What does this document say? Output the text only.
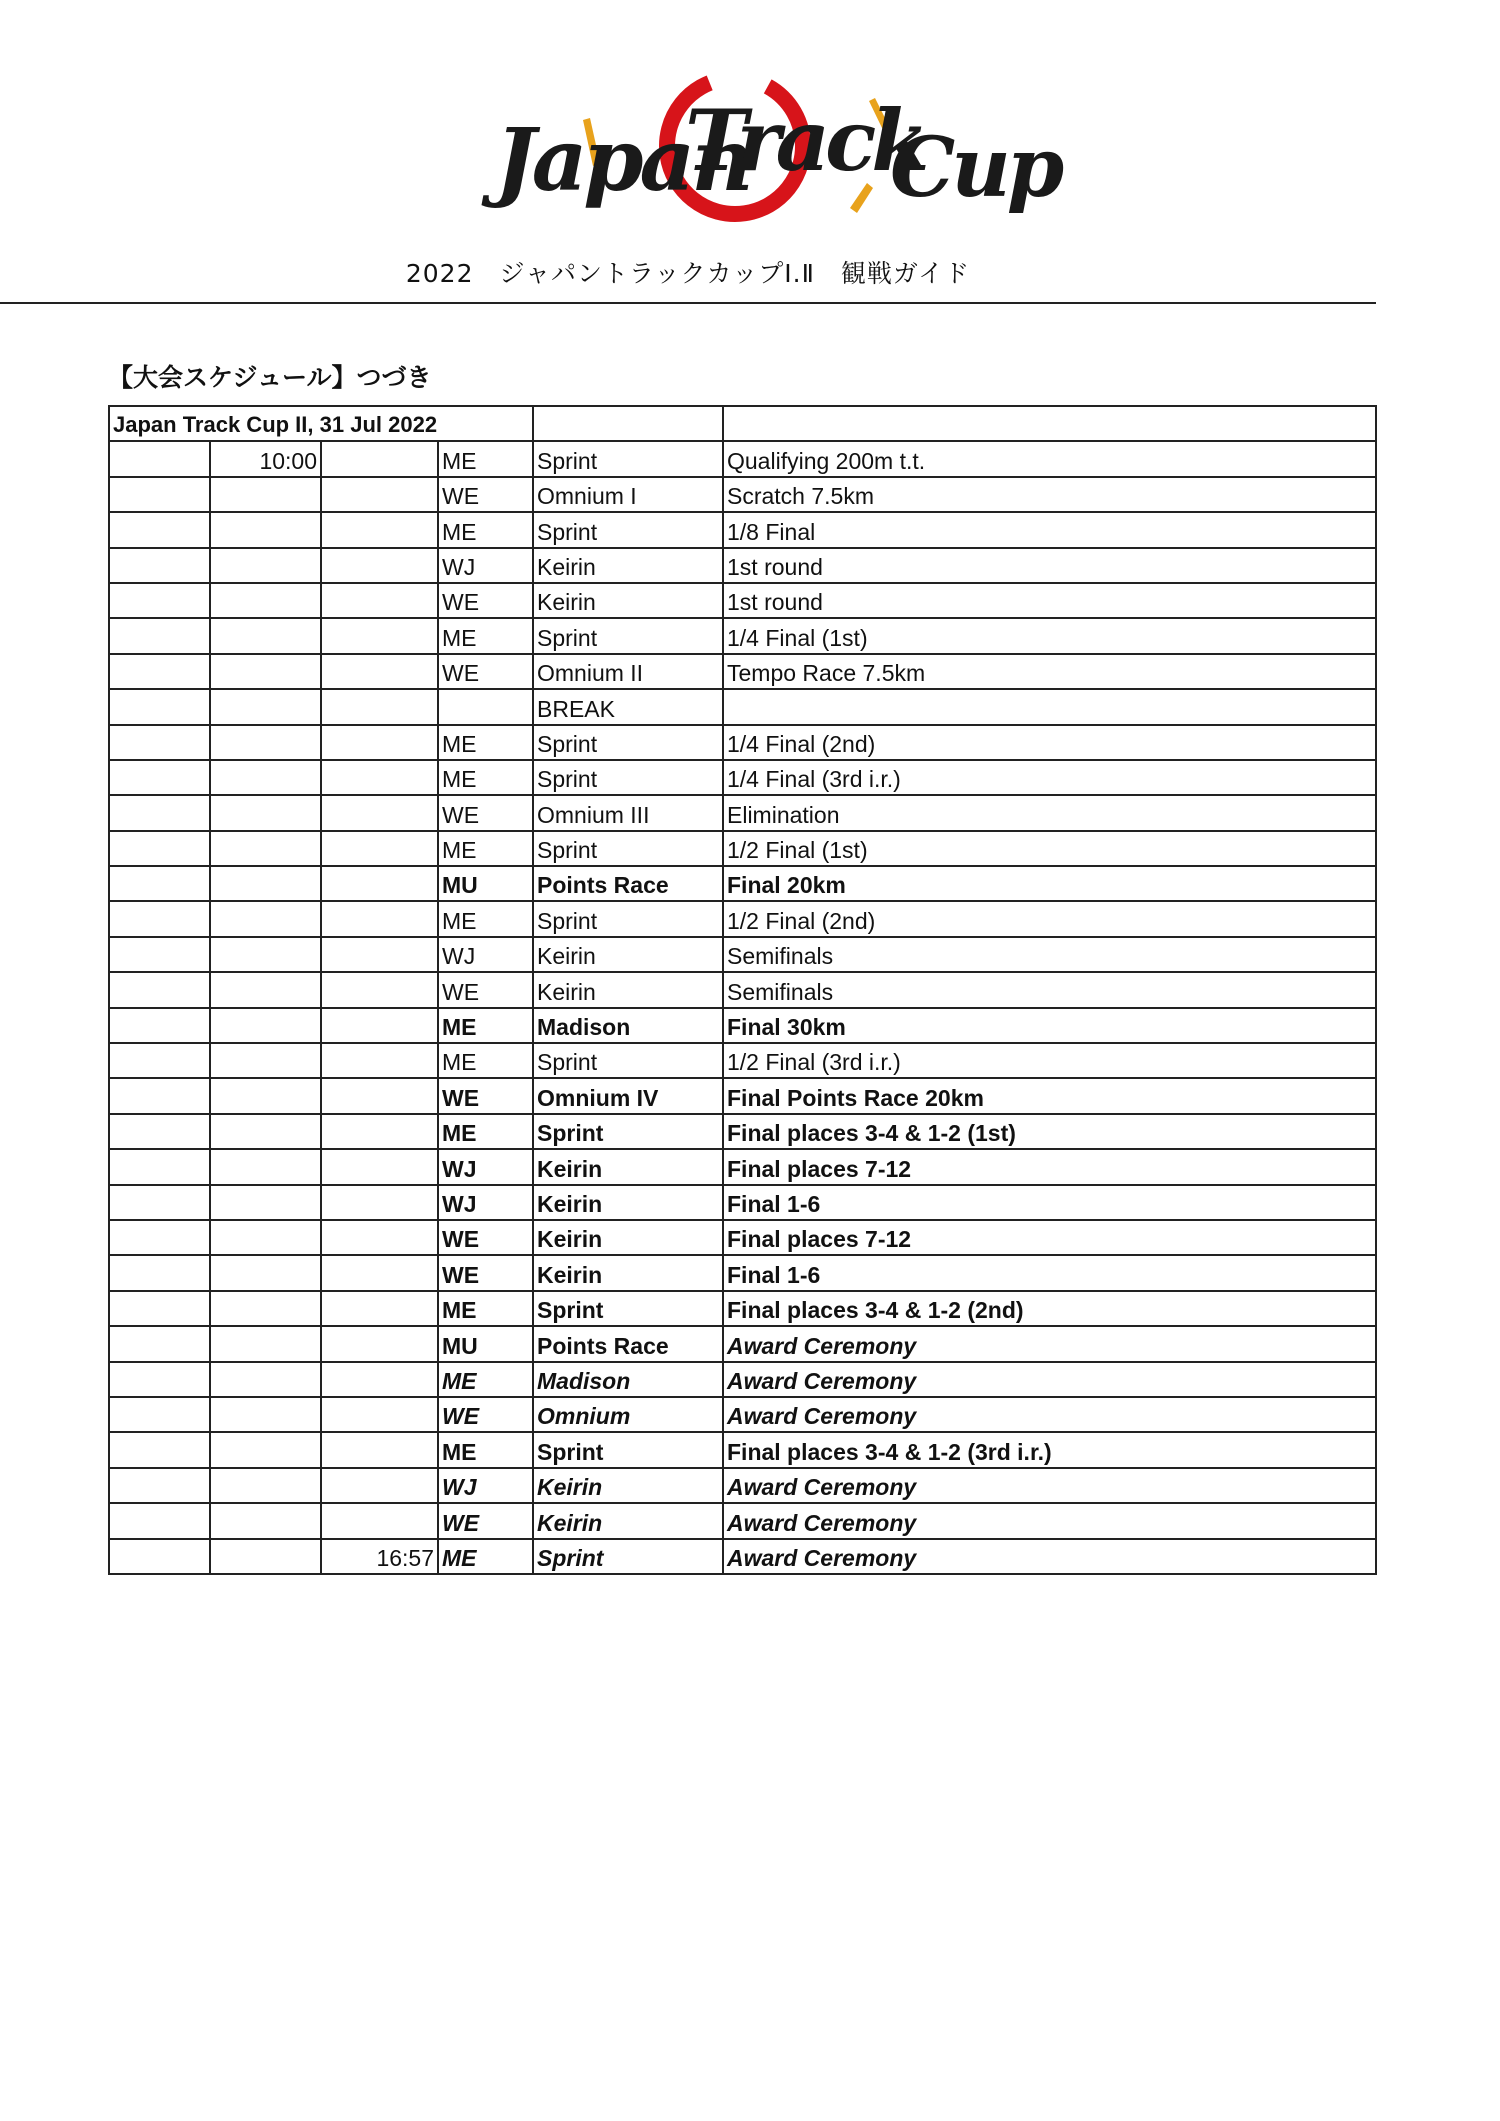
Japan
Track
Cup
2022　ジャパントラックカップⅠ.Ⅱ　観戦ガイド
【大会スケジュール】つづき
Japan Track Cup II, 31 Jul 2022					
	10:00		ME	Sprint	Qualifying 200m t.t.
			WE	Omnium I	Scratch 7.5km
			ME	Sprint	1/8 Final
			WJ	Keirin	1st round
			WE	Keirin	1st round
			ME	Sprint	1/4 Final (1st)
			WE	Omnium II	Tempo Race 7.5km
				BREAK	
			ME	Sprint	1/4 Final (2nd)
			ME	Sprint	1/4 Final (3rd i.r.)
			WE	Omnium III	Elimination
			ME	Sprint	1/2 Final (1st)
			MU	Points Race	Final 20km
			ME	Sprint	1/2 Final (2nd)
			WJ	Keirin	Semifinals
			WE	Keirin	Semifinals
			ME	Madison	Final 30km
			ME	Sprint	1/2 Final (3rd i.r.)
			WE	Omnium IV	Final Points Race 20km
			ME	Sprint	Final places 3-4 & 1-2 (1st)
			WJ	Keirin	Final places 7-12
			WJ	Keirin	Final 1-6
			WE	Keirin	Final places 7-12
			WE	Keirin	Final 1-6
			ME	Sprint	Final places 3-4 & 1-2 (2nd)
			MU	Points Race	Award Ceremony
			ME	Madison	Award Ceremony
			WE	Omnium	Award Ceremony
			ME	Sprint	Final places 3-4 & 1-2 (3rd i.r.)
			WJ	Keirin	Award Ceremony
			WE	Keirin	Award Ceremony
		16:57	ME	Sprint	Award Ceremony
